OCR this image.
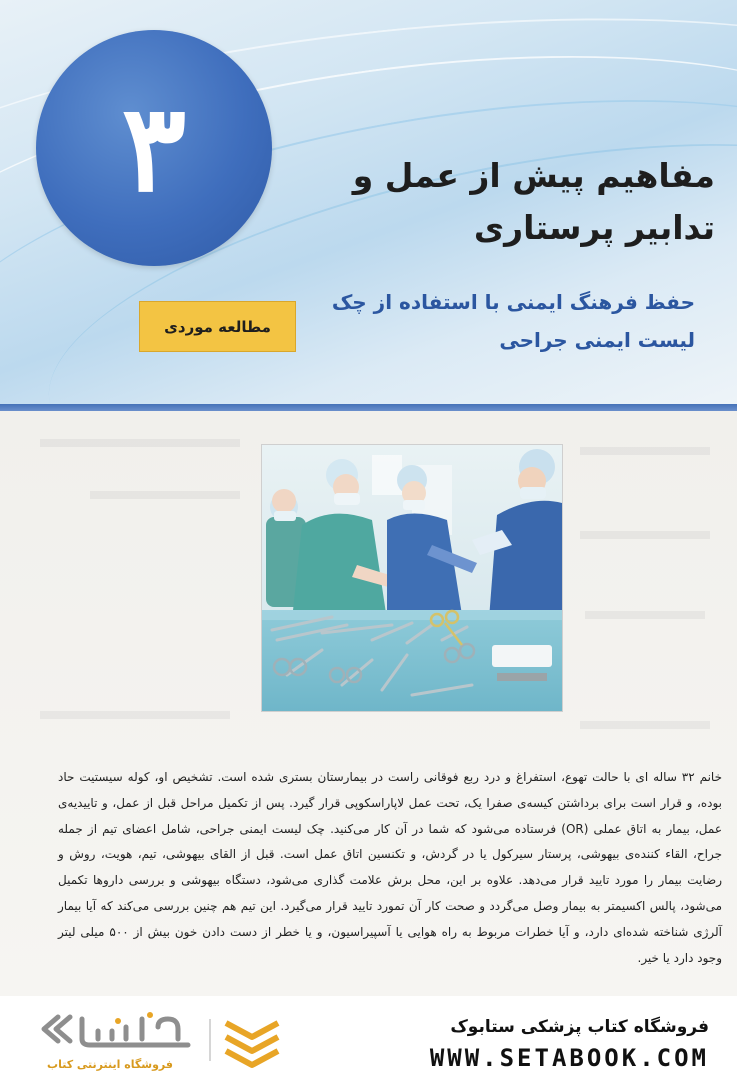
۳	مفاهیم پیش از عمل و تدابیر پرستاری
مطالعه موردی
حفظ فرهنگ ایمنی با استفاده از چک لیست ایمنی جراحی
خانم ۳۲ ساله ای با حالت تهوع، استفراغ و درد ربع فوقانی راست در بیمارستان بستری شده است. تشخیص او، کوله سیستیت حاد بوده، و قرار است برای برداشتن کیسه‌ی صفرا یک، تحت عمل لاپاراسکوپی قرار گیرد. پس از تکمیل مراحل قبل از عمل، و تاییدیه‌ی عمل، بیمار به اتاق عملی (OR) فرستاده می‌شود که شما در آن کار می‌کنید. چک لیست ایمنی جراحی، شامل اعضای تیم از جمله جراح، القاء کننده‌ی بیهوشی، پرستار سیرکول یا در گردش، و تکنسین اتاق عمل است. قبل از القای بیهوشی، تیم، هویت، روش و رضایت بیمار را مورد تایید قرار می‌دهد. علاوه بر این، محل برش علامت گذاری می‌شود، دستگاه بیهوشی و بررسی داروها تکمیل می‌شود، پالس اکسیمتر به بیمار وصل می‌گردد و صحت کار آن تمورد تایید قرار می‌گیرد. این تیم هم چنین بررسی می‌کند که آیا بیمار آلرژی شناخته شده‌ای دارد، و آیا خطرات مربوط به راه هوایی یا آسپیراسیون، و یا خطر از دست دادن خون بیش از ۵۰۰ میلی لیتر وجود دارد یا خیر.
فروشگاه اینترنتی کتاب
فروشگاه کتاب پزشکی ستابوک
WWW.SETABOOK.COM
